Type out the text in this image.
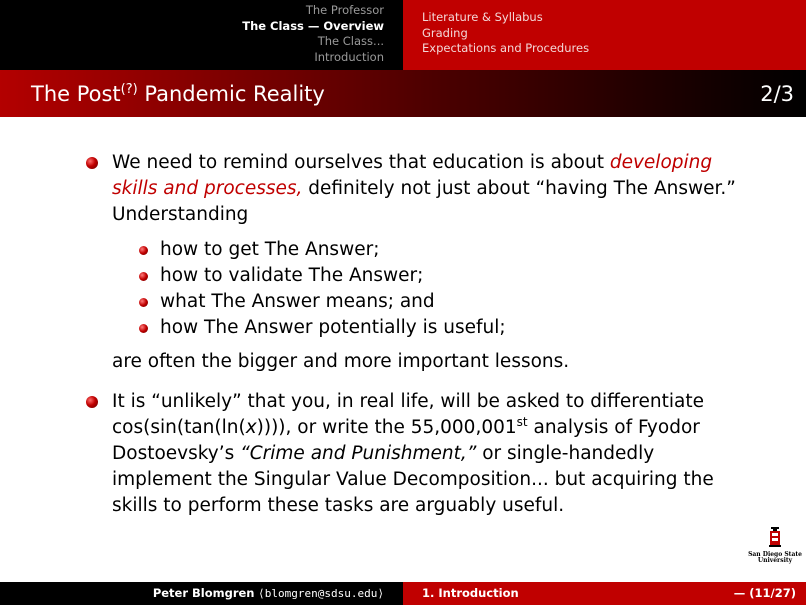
The Professor
The Class — Overview
The Class...
Introduction
Literature & Syllabus
Grading
Expectations and Procedures
The Post(?) Pandemic Reality	2/3
We need to remind ourselves that education is about developing skills and processes, definitely not just about “having The Answer.” Understanding
how to get The Answer;
how to validate The Answer;
what The Answer means; and
how The Answer potentially is useful;
are often the bigger and more important lessons.
It is “unlikely” that you, in real life, will be asked to differentiate cos(sin(tan(ln(x)))), or write the 55,000,001st analysis of Fyodor Dostoevsky’s “Crime and Punishment,” or single-handedly implement the Singular Value Decomposition... but acquiring the skills to perform these tasks are arguably useful.
San Diego State
University
Peter Blomgren ⟨blomgren@sdsu.edu⟩	1. Introduction	— (11/27)
